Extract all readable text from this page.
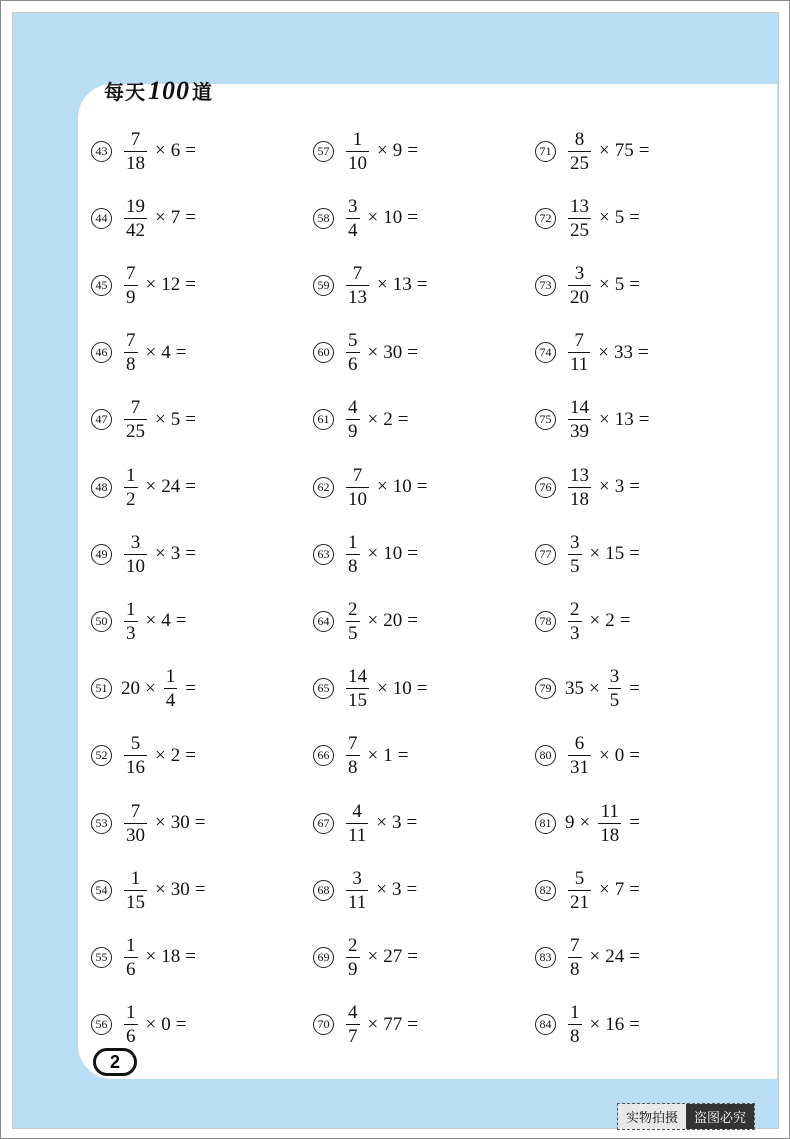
每天100 道
$43 \frac{7}{18} \times 6$ =
$44 \frac{19}{42} \times 7$ =
$45 \frac{7}{9} \times 12$ =
$46 \frac{7}{8} \times 4$ =
$47 \frac{7}{25} \times 5$ =
$48 \frac{1}{2} \times 24$ =
$49 \frac{3}{10} \times 3$ =
$50 \frac{1}{3} \times 4$ =
51 $20 \times \frac{1}{4}$ =
$52 \frac{5}{16} \times 2$ =
$53 \frac{7}{30} \times 30$ =
$54 \frac{1}{15} \times 30$ =
$55 \frac{1}{6} \times 18$ =
$56 \frac{1}{6} \times 0$ =
$57 \frac{1}{10} \times 9$ =
$58 \frac{3}{4} \times 10$ =
$59 \frac{7}{13} \times 13$ =
$60 \frac{5}{6} \times 30$ =
$61 \frac{4}{9} \times 2$ =
$62 \frac{7}{10} \times 10$ =
$63 \frac{1}{8} \times 10$ =
$64 \frac{2}{5} \times 20$ =
$65 \frac{14}{15} \times 10$ =
$66 \frac{7}{8} \times 1$ =
$67 \frac{4}{11} \times 3$ =
$68 \frac{3}{11} \times 3$ =
$69 \frac{2}{9} \times 27$ =
$70 \frac{4}{7} \times 77$ =
$71 \frac{8}{25} \times 75$ =
$72 \frac{13}{25} \times 5$ =
$73 \frac{3}{20} \times 5$ =
$74 \frac{7}{11} \times 33$ =
$75 \frac{14}{39} \times 13$ =
$76 \frac{13}{18} \times 3$ =
$77 \frac{3}{5} \times 15$ =
$78 \frac{2}{3} \times 2$ =
79 $35 \times \frac{3}{5}$ =
$80 \frac{6}{31} \times 0$ =
81 $9 \times \frac{11}{18}$ =
$82 \frac{5}{21} \times 7$ =
$83 \frac{7}{8} \times 24$ =
$84 \frac{1}{8} \times 16$ =
2
实物拍摄	盗图必究
